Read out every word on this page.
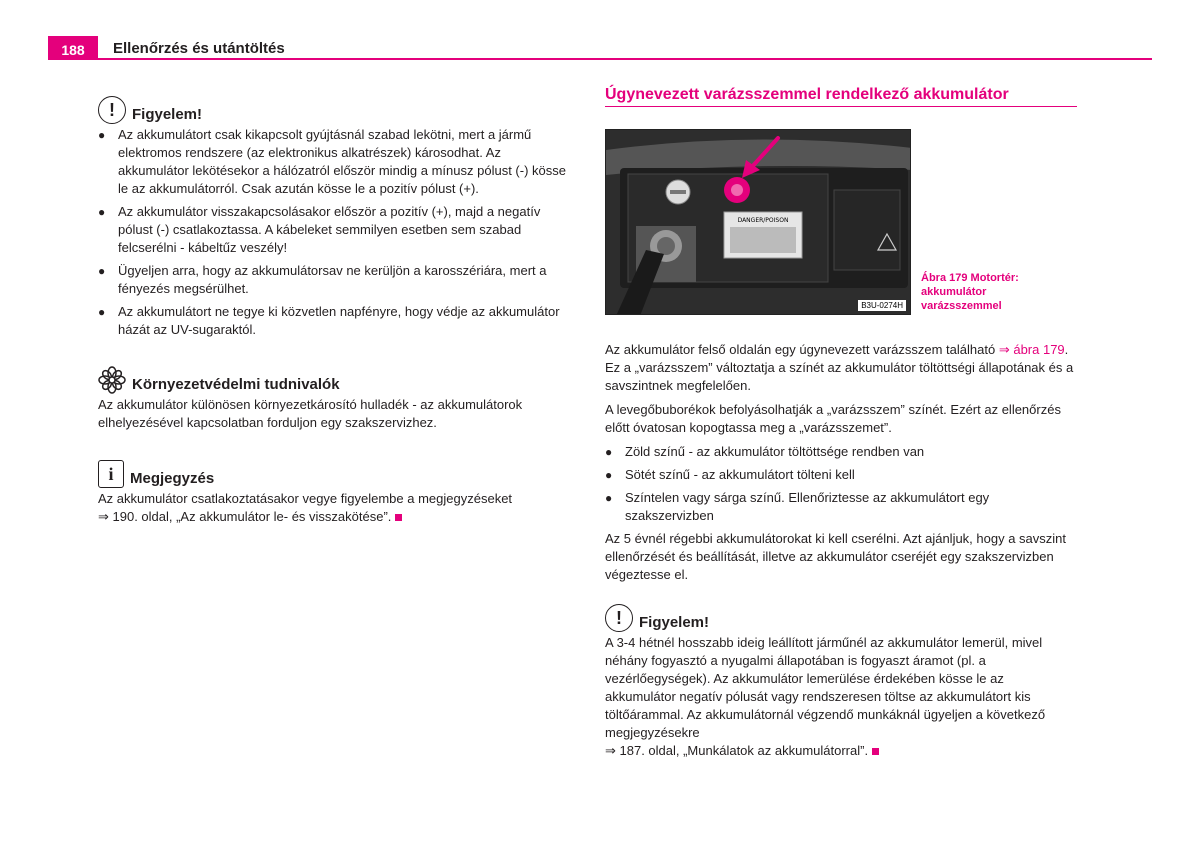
188	Ellenőrzés és utántöltés
!	Figyelem!
● Az akkumulátort csak kikapcsolt gyújtásnál szabad lekötni, mert a jármű elektromos rendszere (az elektronikus alkatrészek) károsodhat. Az akkumulátor lekötésekor a hálózatról először mindig a mínusz pólust (-) kösse le az akkumulátorról. Csak azután kösse le a pozitív pólust (+).
● Az akkumulátor visszakapcsolásakor először a pozitív (+), majd a negatív pólust (-) csatlakoztassa. A kábeleket semmilyen esetben sem szabad felcserélni - kábeltűz veszély!
● Ügyeljen arra, hogy az akkumulátorsav ne kerüljön a karosszériára, mert a fényezés megsérülhet.
● Az akkumulátort ne tegye ki közvetlen napfényre, hogy védje az akkumulátor házát az UV-sugaraktól.
Környezetvédelmi tudnivalók

Az akkumulátor különösen környezetkárosító hulladék - az akkumulátorok elhelyezésével kapcsolatban forduljon egy szakszervizhez.

i	Megjegyzés

Az akkumulátor csatlakoztatásakor vegye figyelembe a megjegyzéseket
⇒ 190. oldal, „Az akkumulátor le- és visszakötése”.

Úgynevezett varázsszemmel rendelkező akkumulátor
DANGER/POISON
B3U-0274H
Ábra 179 Motortér: akkumulátor varázsszemmel

Az akkumulátor felső oldalán egy úgynevezett varázsszem található ⇒ ábra 179. Ez a „varázsszem” változtatja a színét az akkumulátor töltöttségi állapotának és a savszintnek megfelelően.

A levegőbuborékok befolyásolhatják a „varázsszem” színét. Ezért az ellenőrzés előtt óvatosan kopogtassa meg a „varázsszemet”.

● Zöld színű - az akkumulátor töltöttsége rendben van
● Sötét színű - az akkumulátort tölteni kell
● Színtelen vagy sárga színű. Ellenőriztesse az akkumulátort egy szakszervizben

Az 5 évnél régebbi akkumulátorokat ki kell cserélni. Azt ajánljuk, hogy a savszint ellenőrzését és beállítását, illetve az akkumulátor cseréjét egy szakszervizben végeztesse el.

!	Figyelem!

A 3-4 hétnél hosszabb ideig leállított járműnél az akkumulátor lemerül, mivel néhány fogyasztó a nyugalmi állapotában is fogyaszt áramot (pl. a vezérlőegységek). Az akkumulátor lemerülése érdekében kösse le az akkumulátor negatív pólusát vagy rendszeresen töltse az akkumulátort kis töltőárammal. Az akkumulátornál végzendő munkáknál ügyeljen a következő megjegyzésekre
⇒ 187. oldal, „Munkálatok az akkumulátorral”.
